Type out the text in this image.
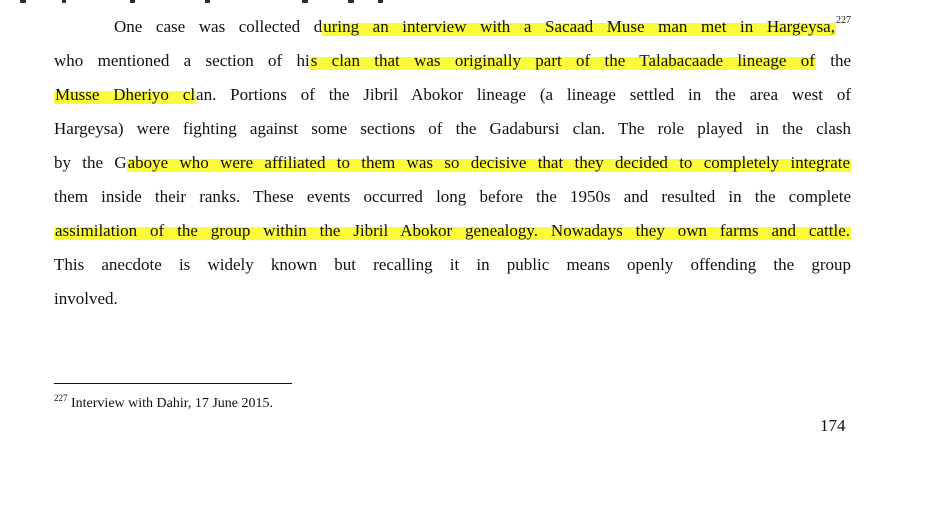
One case was collected during an interview with a Sacaad Muse man met in Hargeysa,$^{227}$
who mentioned a section of his clan that was originally part of the Talabacaade lineage of the
Musse Dheriyo clan. Portions of the Jibril Abokor lineage (a lineage settled in the area west of
Hargeysa) were fighting against some sections of the Gadabursi clan. The role played in the clash
by the Gaboye who were affiliated to them was so decisive that they decided to completely integrate
them inside their ranks. These events occurred long before the 1950s and resulted in the complete
assimilation of the group within the Jibril Abokor genealogy. Nowadays they own farms and cattle.
This anecdote is widely known but recalling it in public means openly offending the group
involved.
$^{227}$ Interview with Dahir, 17 June 2015.
174
